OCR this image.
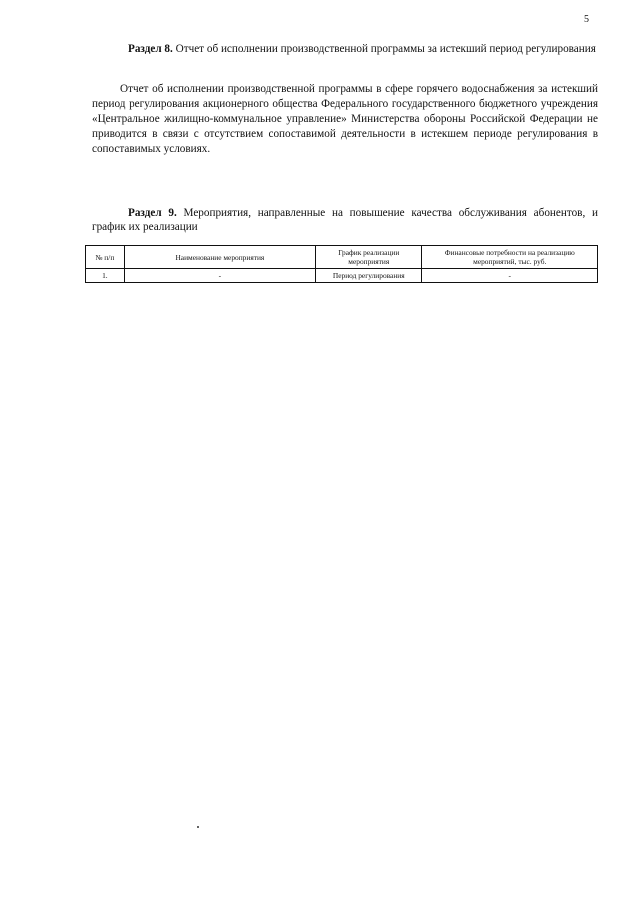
5

Раздел 8. Отчет об исполнении производственной программы за истекший период регулирования

Отчет об исполнении производственной программы в сфере горячего водоснабжения за истекший период регулирования акционерного общества Федерального государственного бюджетного учреждения «Центральное жилищно-коммунальное управление» Министерства обороны Российской Федерации не приводится в связи с отсутствием сопоставимой деятельности в истекшем периоде регулирования в сопоставимых условиях.

Раздел 9. Мероприятия, направленные на повышение качества обслуживания абонентов, и график их реализации

№ п/п	Наименование мероприятия	График реализации мероприятия	Финансовые потребности на реализацию мероприятий, тыс. руб.
1.	-	Период регулирования	-
